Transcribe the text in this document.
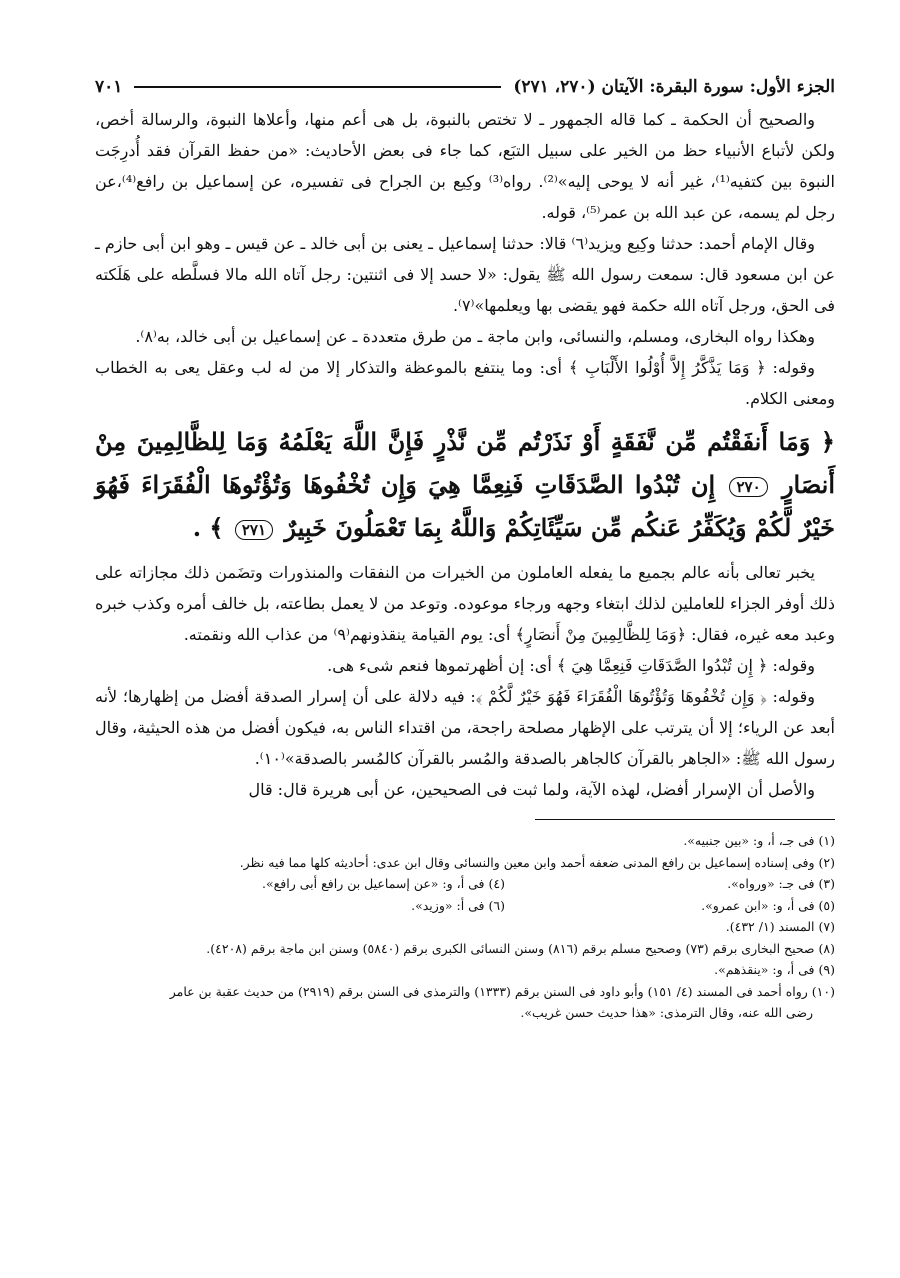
الجزء الأول: سورة البقرة: الآيتان (٢٧٠، ٢٧١)
٧٠١

والصحيح أن الحكمة ـ كما قاله الجمهور ـ لا تختص بالنبوة، بل هى أعم منها، وأعلاها النبوة، والرسالة أخص، ولكن لأتباع الأنبياء حظ من الخير على سبيل التبَع، كما جاء فى بعض الأحاديث: «من حفظ القرآن فقد أُدرِجَت النبوة بين كتفيه⁽¹⁾، غير أنه لا يوحى إليه»⁽²⁾. رواه⁽³⁾ وكِيع بن الجراح فى تفسيره، عن إسماعيل بن رافع⁽⁴⁾،عن رجل لم يسمه، عن عبد الله بن عمر⁽⁵⁾، قوله.

وقال الإمام أحمد: حدثنا وكِيع ويزيد⁽٦⁾ قالا: حدثنا إسماعيل ـ يعنى بن أبى خالد ـ عن قيس ـ وهو ابن أبى حازم ـ عن ابن مسعود قال: سمعت رسول الله ﷺ يقول: «لا حسد إلا فى اثنتين: رجل آتاه الله مالا فسلَّطه على هَلَكته فى الحق، ورجل آتاه الله حكمة فهو يقضى بها ويعلمها»⁽٧⁾.

وهكذا رواه البخارى، ومسلم، والنسائى، وابن ماجة ـ من طرق متعددة ـ عن إسماعيل بن أبى خالد، به⁽٨⁾.

وقوله: ﴿ وَمَا يَذَّكَّرُ إِلاَّ أُوْلُوا الأَلْبَابِ ﴾ أى: وما ينتفع بالموعظة والتذكار إلا من له لب وعقل يعى به الخطاب ومعنى الكلام.

﴿ وَمَا أَنفَقْتُم مِّن نَّفَقَةٍ أَوْ نَذَرْتُم مِّن نَّذْرٍ فَإِنَّ اللَّهَ يَعْلَمُهُ وَمَا لِلظَّالِمِينَ مِنْ أَنصَارٍ ٢٧٠ إِن تُبْدُوا الصَّدَقَاتِ فَنِعِمَّا هِيَ وَإِن تُخْفُوهَا وَتُؤْتُوهَا الْفُقَرَاءَ فَهُوَ خَيْرٌ لَّكُمْ وَيُكَفِّرُ عَنكُم مِّن سَيِّئَاتِكُمْ وَاللَّهُ بِمَا تَعْمَلُونَ خَبِيرٌ ٢٧١ ﴾ .

يخبر تعالى بأنه عالم بجميع ما يفعله العاملون من الخيرات من النفقات والمنذورات وتضَمن ذلك مجازاته على ذلك أوفر الجزاء للعاملين لذلك ابتغاء وجهه ورجاء موعوده. وتوعد من لا يعمل بطاعته، بل خالف أمره وكذب خبره وعبد معه غيره، فقال: ﴿وَمَا لِلظَّالِمِينَ مِنْ أَنصَارٍ﴾ أى: يوم القيامة ينقذونهم⁽٩⁾ من عذاب الله ونقمته.

وقوله: ﴿ إِن تُبْدُوا الصَّدَقَاتِ فَنِعِمَّا هِيَ ﴾ أى: إن أظهرتموها فنعم شىء هى.

وقوله: ﴿ وَإِن تُخْفُوهَا وَتُؤْتُوهَا الْفُقَرَاءَ فَهُوَ خَيْرٌ لَّكُمْ ﴾: فيه دلالة على أن إسرار الصدقة أفضل من إظهارها؛ لأنه أبعد عن الرياء؛ إلا أن يترتب على الإظهار مصلحة راجحة، من اقتداء الناس به، فيكون أفضل من هذه الحيثية، وقال رسول الله ﷺ: «الجاهر بالقرآن كالجاهر بالصدقة والمُسر بالقرآن كالمُسر بالصدقة»⁽١٠⁾.

والأصل أن الإسرار أفضل، لهذه الآية، ولما ثبت فى الصحيحين، عن أبى هريرة قال: قال

(١) فى جـ، أ، و: «بين جنبيه».

(٢) وفى إسناده إسماعيل بن رافع المدنى ضعفه أحمد وابن معين والنسائى وقال ابن عدى: أحاديثه كلها مما فيه نظر.

(٣) فى جـ: «ورواه».
(٤) فى أ، و: «عن إسماعيل بن رافع أبى رافع».
(٥) فى أ، و: «ابن عمرو».
(٦) فى أ: «وزيد».

(٧) المسند (١/ ٤٣٢).

(٨) صحيح البخارى برقم (٧٣) وصحيح مسلم برقم (٨١٦) وسنن النسائى الكبرى برقم (٥٨٤٠) وسنن ابن ماجة برقم (٤٢٠٨).

(٩) فى أ، و: «ينقذهم».

(١٠) رواه أحمد فى المسند (٤/ ١٥١) وأبو داود فى السنن برقم (١٣٣٣) والترمذى فى السنن برقم (٢٩١٩) من حديث عقبة بن عامر

رضى الله عنه، وقال الترمذى: «هذا حديث حسن غريب».
